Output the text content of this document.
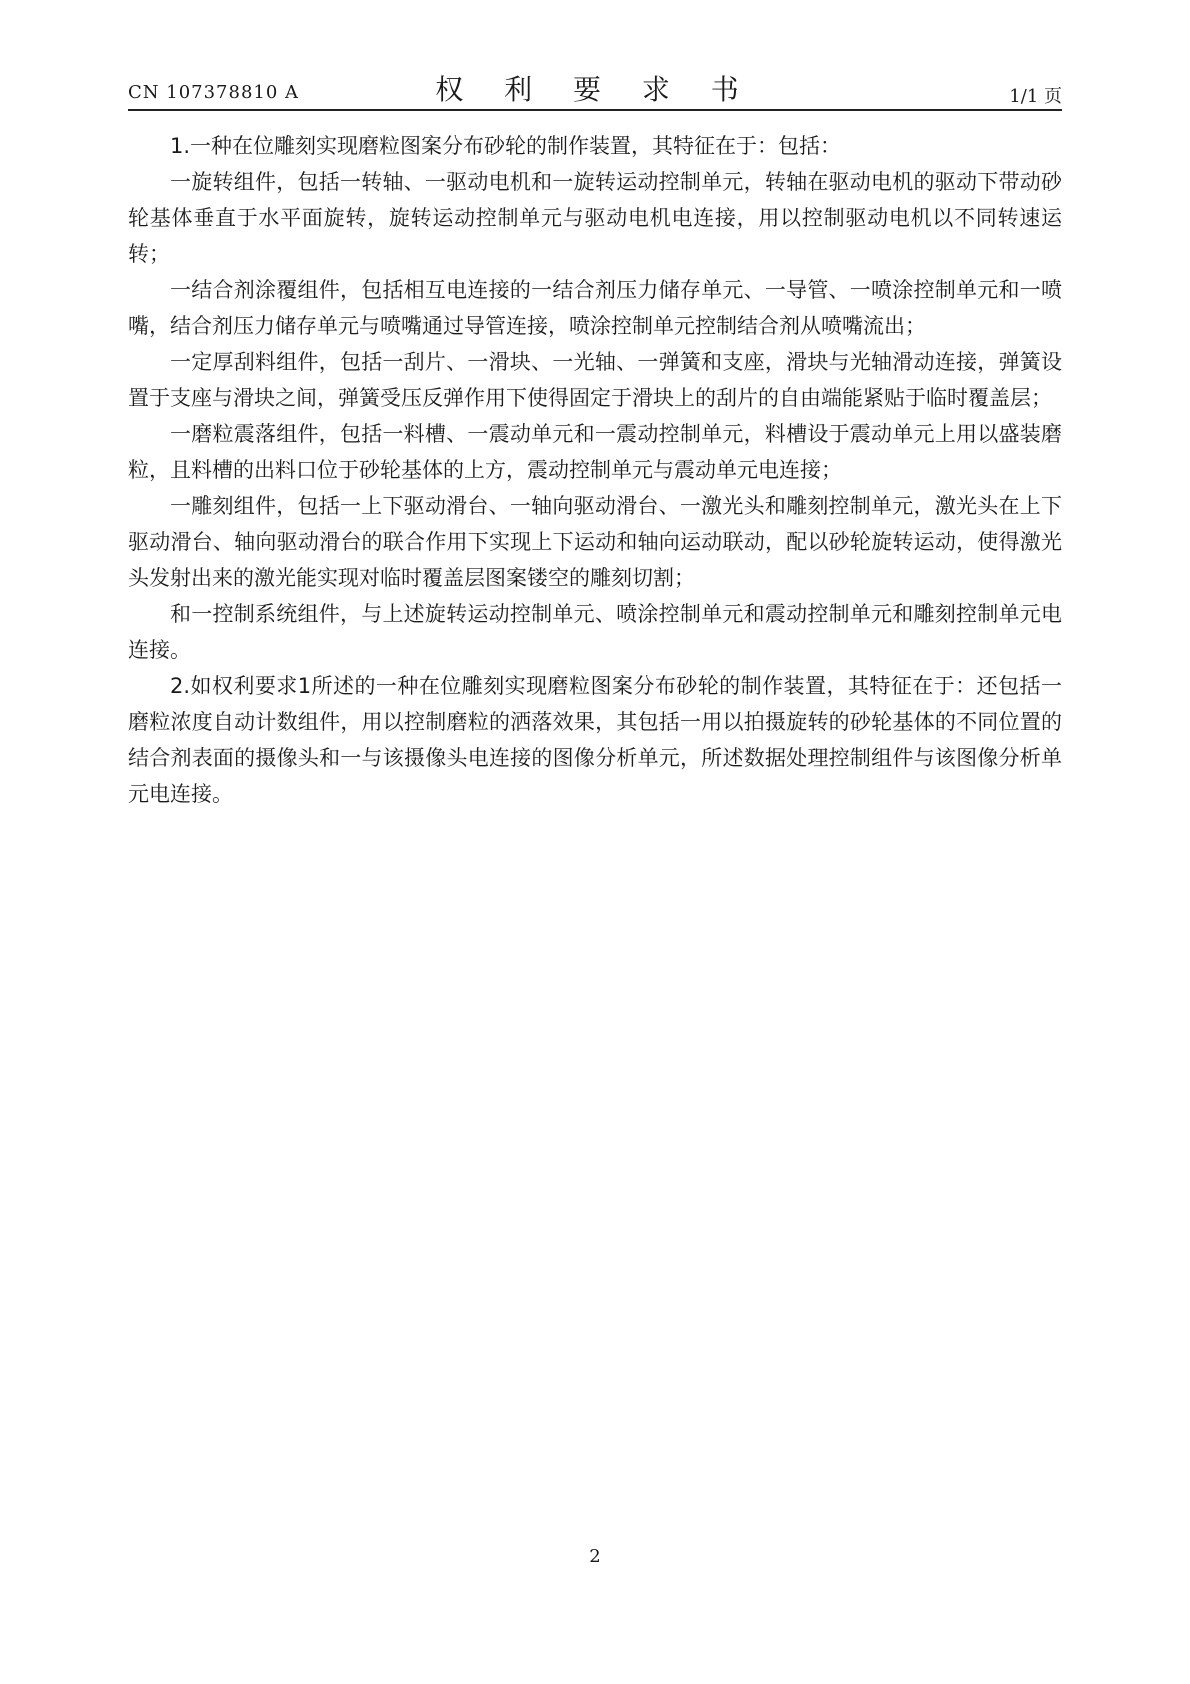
CN 107378810 A	权 利 要 求 书	1/1 页

1.一种在位雕刻实现磨粒图案分布砂轮的制作装置，其特征在于：包括：

一旋转组件，包括一转轴、一驱动电机和一旋转运动控制单元，转轴在驱动电机的驱动下带动砂轮基体垂直于水平面旋转，旋转运动控制单元与驱动电机电连接，用以控制驱动电机以不同转速运转；

一结合剂涂覆组件，包括相互电连接的一结合剂压力储存单元、一导管、一喷涂控制单元和一喷嘴，结合剂压力储存单元与喷嘴通过导管连接，喷涂控制单元控制结合剂从喷嘴流出；

一定厚刮料组件，包括一刮片、一滑块、一光轴、一弹簧和支座，滑块与光轴滑动连接，弹簧设置于支座与滑块之间，弹簧受压反弹作用下使得固定于滑块上的刮片的自由端能紧贴于临时覆盖层；

一磨粒震落组件，包括一料槽、一震动单元和一震动控制单元，料槽设于震动单元上用以盛装磨粒，且料槽的出料口位于砂轮基体的上方，震动控制单元与震动单元电连接；

一雕刻组件，包括一上下驱动滑台、一轴向驱动滑台、一激光头和雕刻控制单元，激光头在上下驱动滑台、轴向驱动滑台的联合作用下实现上下运动和轴向运动联动，配以砂轮旋转运动，使得激光头发射出来的激光能实现对临时覆盖层图案镂空的雕刻切割；

和一控制系统组件，与上述旋转运动控制单元、喷涂控制单元和震动控制单元和雕刻控制单元电连接。

2.如权利要求1所述的一种在位雕刻实现磨粒图案分布砂轮的制作装置，其特征在于：还包括一磨粒浓度自动计数组件，用以控制磨粒的洒落效果，其包括一用以拍摄旋转的砂轮基体的不同位置的结合剂表面的摄像头和一与该摄像头电连接的图像分析单元，所述数据处理控制组件与该图像分析单元电连接。

2
